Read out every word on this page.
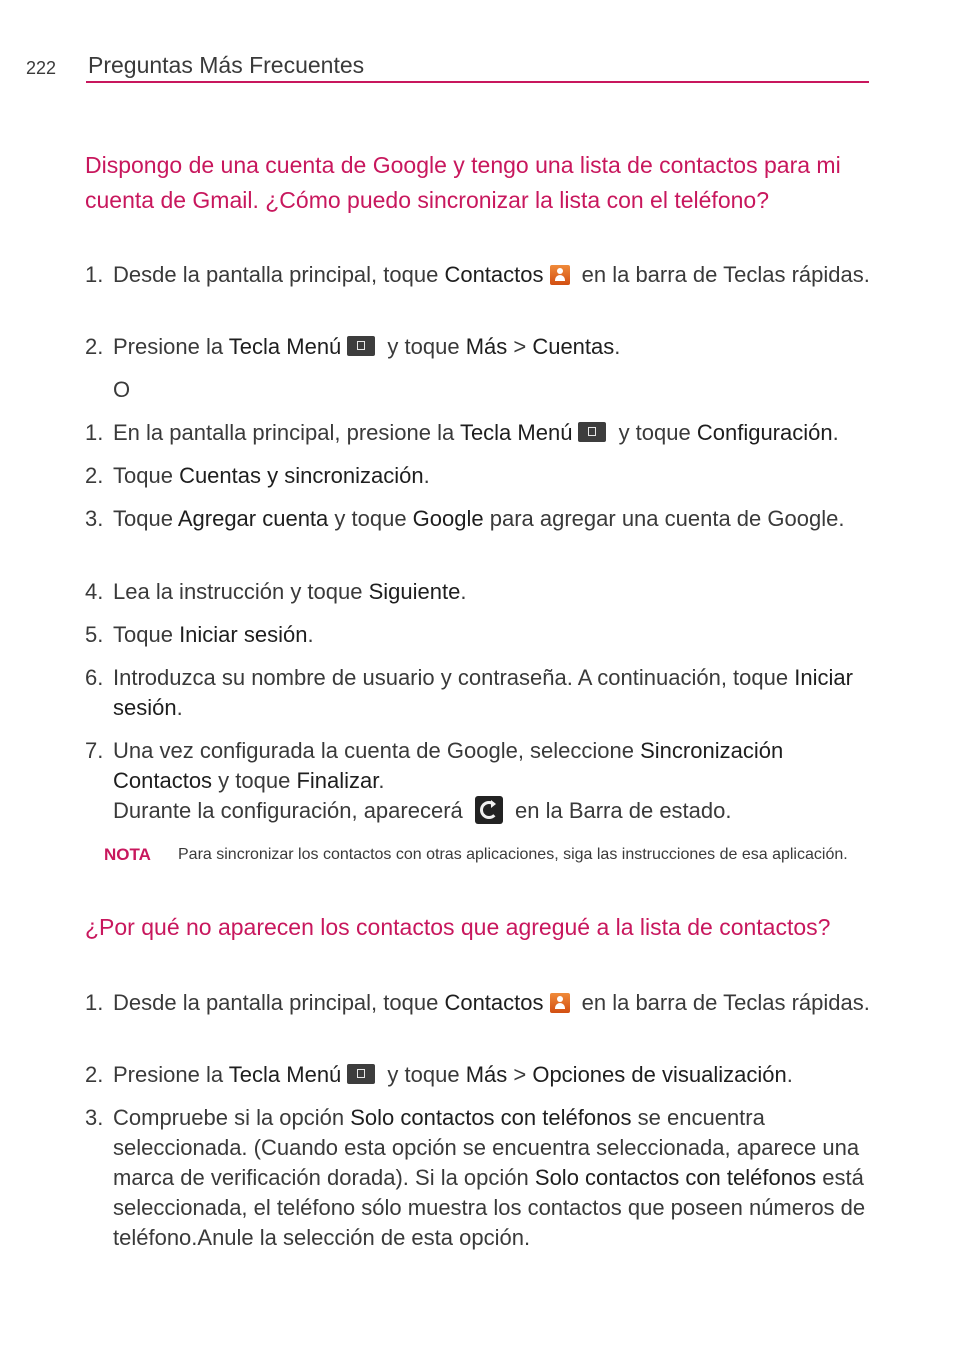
222 Preguntas Más Frecuentes
Dispongo de una cuenta de Google y tengo una lista de contactos para mi cuenta de Gmail. ¿Cómo puedo sincronizar la lista con el teléfono?
1. Desde la pantalla principal, toque Contactos en la barra de Teclas rápidas.
2. Presione la Tecla Menú y toque Más > Cuentas.
O
1. En la pantalla principal, presione la Tecla Menú y toque Configuración.
2. Toque Cuentas y sincronización.
3. Toque Agregar cuenta y toque Google para agregar una cuenta de Google.
4. Lea la instrucción y toque Siguiente.
5. Toque Iniciar sesión.
6. Introduzca su nombre de usuario y contraseña. A continuación, toque Iniciar sesión.
7. Una vez configurada la cuenta de Google, seleccione Sincronización Contactos y toque Finalizar.
Durante la configuración, aparecerá  en la Barra de estado.
NOTA Para sincronizar los contactos con otras aplicaciones, siga las instrucciones de esa aplicación.
¿Por qué no aparecen los contactos que agregué a la lista de contactos?
1. Desde la pantalla principal, toque Contactos en la barra de Teclas rápidas.
2. Presione la Tecla Menú y toque Más > Opciones de visualización.
3. Compruebe si la opción Solo contactos con teléfonos se encuentra seleccionada. (Cuando esta opción se encuentra seleccionada, aparece una marca de verificación dorada). Si la opción Solo contactos con teléfonos está seleccionada, el teléfono sólo muestra los contactos que poseen números de teléfono.Anule la selección de esta opción.
